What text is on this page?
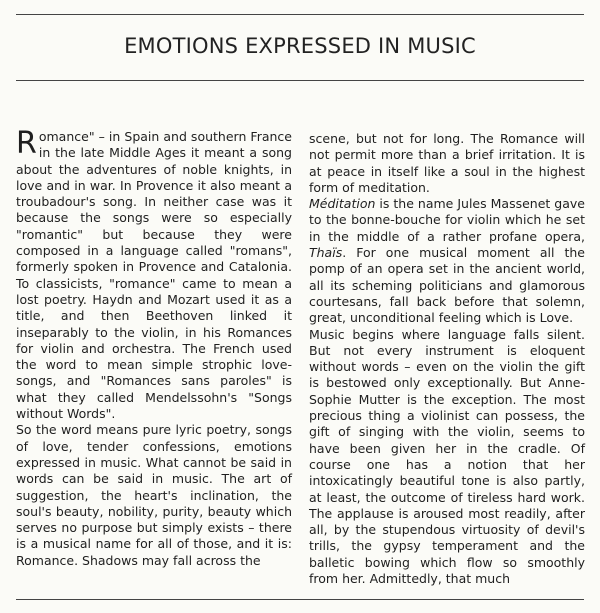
EMOTIONS EXPRESSED IN MUSIC

Romance" – in Spain and southern France in the late Middle Ages it meant a song about the adventures of noble knights, in love and in war. In Provence it also meant a troubadour's song. In neither case was it because the songs were so especially "romantic" but because they were composed in a language called "romans", formerly spoken in Provence and Catalonia. To classicists, "romance" came to mean a lost poetry. Haydn and Mozart used it as a title, and then Beethoven linked it inseparably to the violin, in his Romances for violin and orchestra. The French used the word to mean simple strophic love-songs, and "Romances sans paroles" is what they called Mendelssohn's "Songs without Words".

So the word means pure lyric poetry, songs of love, tender confessions, emotions expressed in music. What cannot be said in words can be said in music. The art of suggestion, the heart's inclination, the soul's beauty, nobility, purity, beauty which serves no purpose but simply exists – there is a musical name for all of those, and it is: Romance. Shadows may fall across the

scene, but not for long. The Romance will not permit more than a brief irritation. It is at peace in itself like a soul in the highest form of meditation.

Méditation is the name Jules Massenet gave to the bonne-bouche for violin which he set in the middle of a rather profane opera, Thaïs. For one musical moment all the pomp of an opera set in the ancient world, all its scheming politicians and glamorous courtesans, fall back before that solemn, great, unconditional feeling which is Love.

Music begins where language falls silent. But not every instrument is eloquent without words – even on the violin the gift is bestowed only exceptionally. But Anne-Sophie Mutter is the exception. The most precious thing a violinist can possess, the gift of singing with the violin, seems to have been given her in the cradle. Of course one has a notion that her intoxicatingly beautiful tone is also partly, at least, the outcome of tireless hard work. The applause is aroused most readily, after all, by the stupendous virtuosity of devil's trills, the gypsy temperament and the balletic bowing which flow so smoothly from her. Admittedly, that much
